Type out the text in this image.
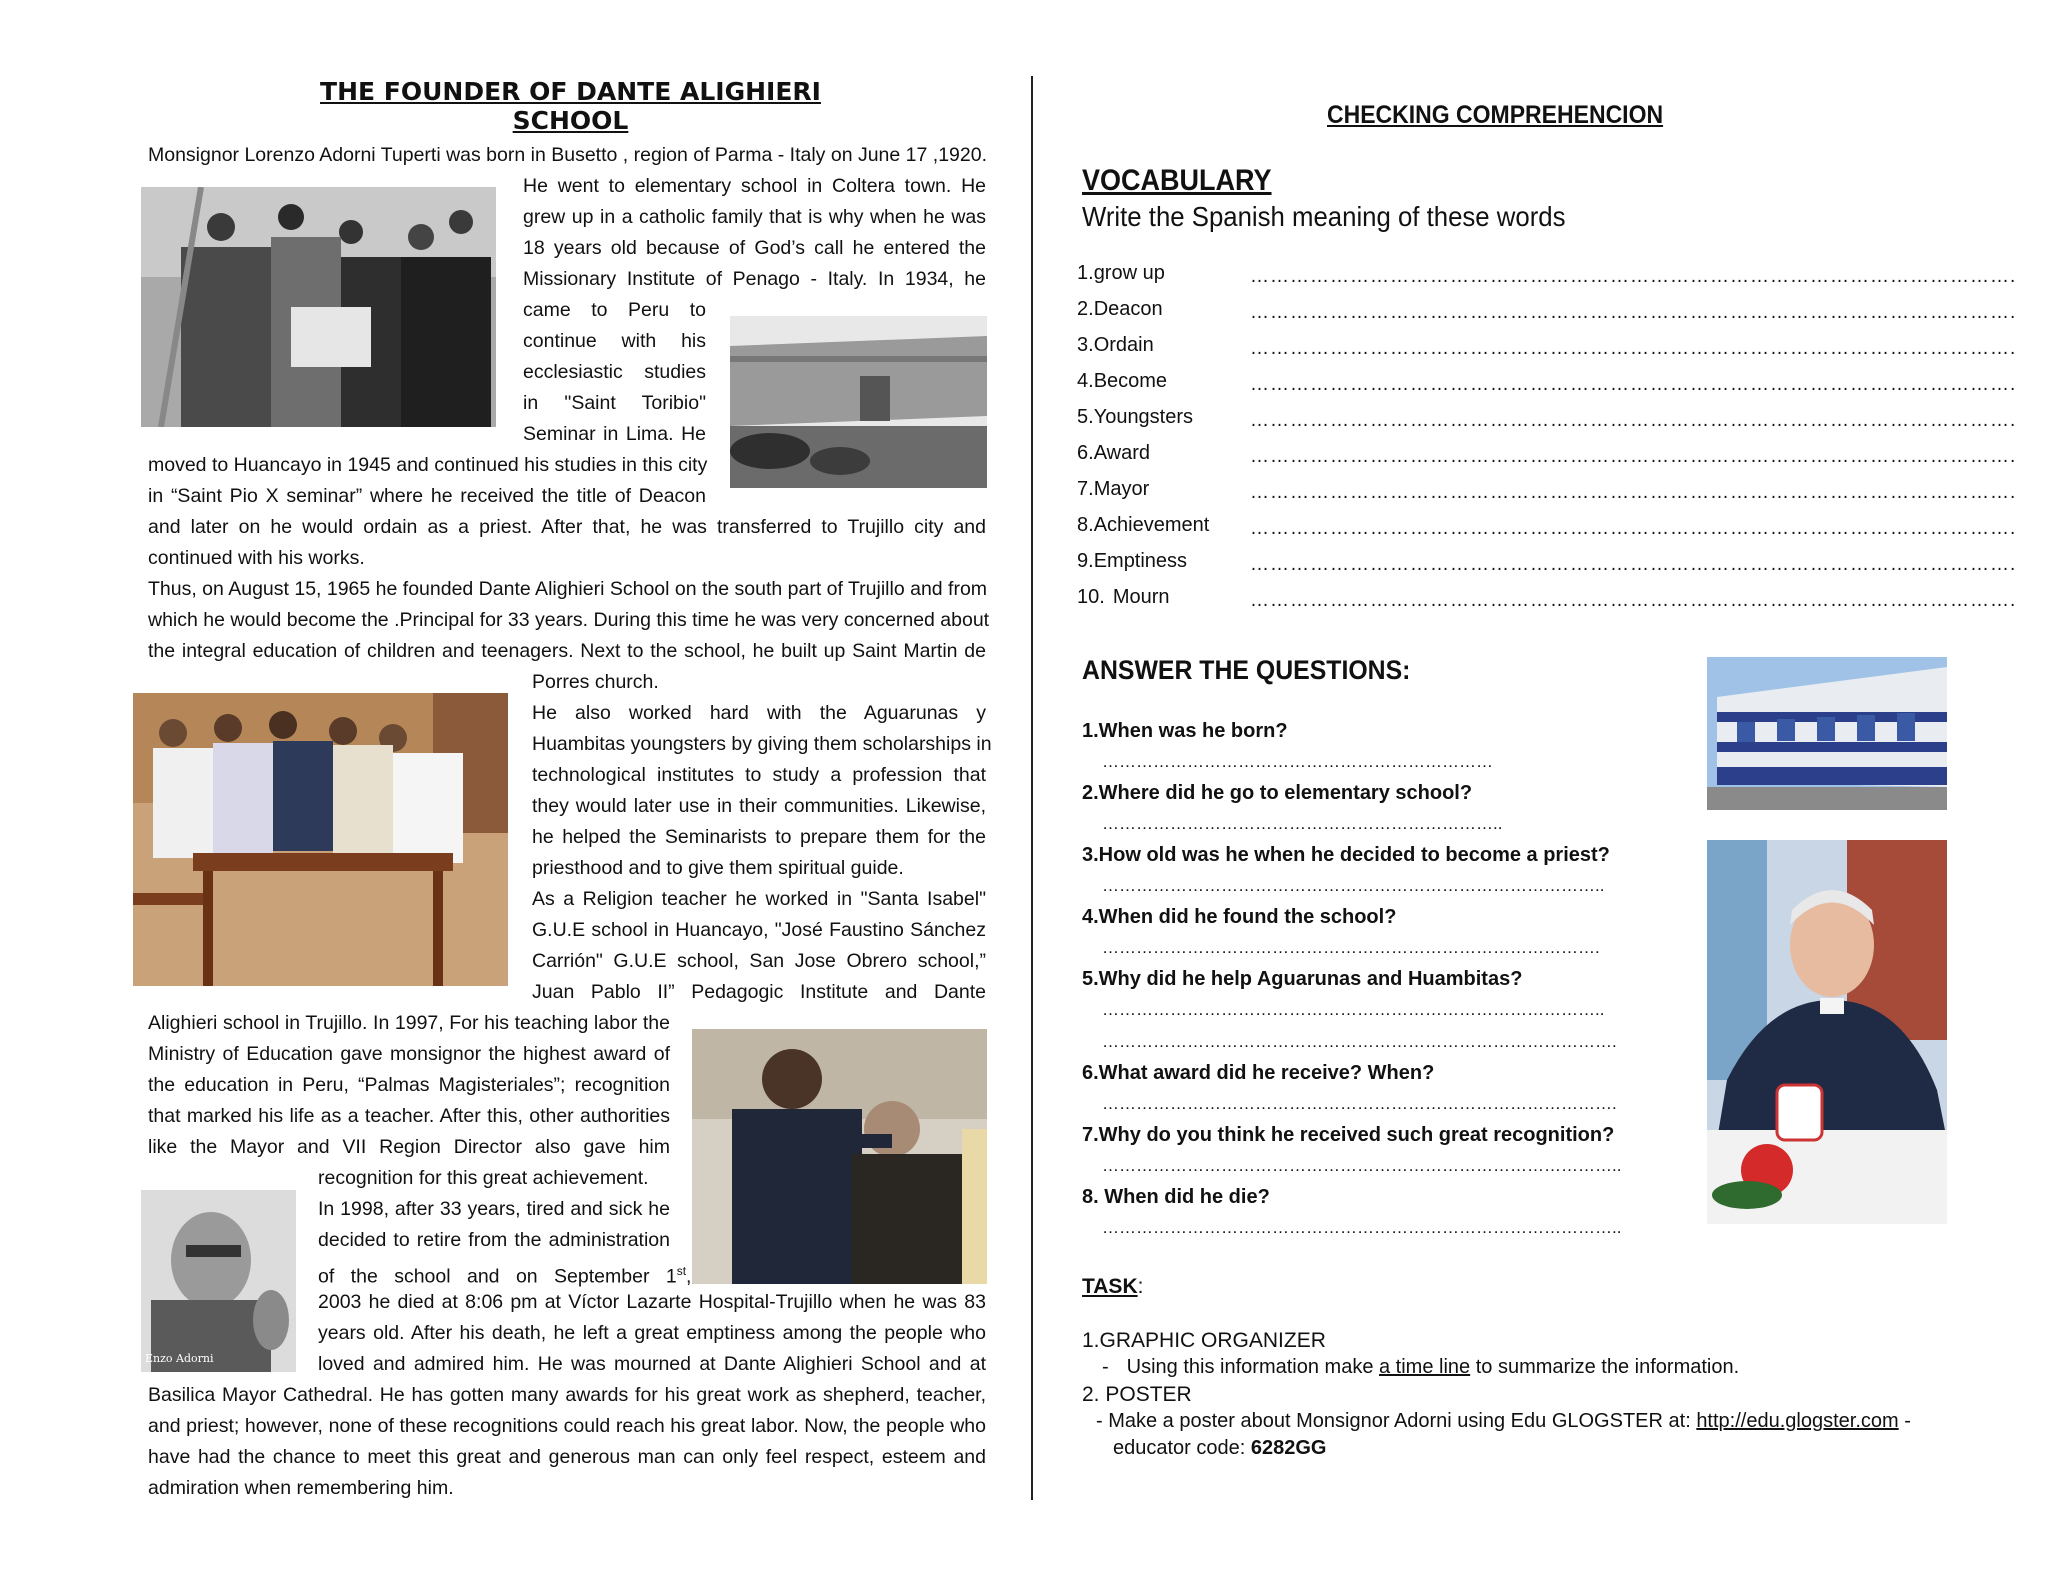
THE FOUNDER OF DANTE ALIGHIERI SCHOOL
Monsignor Lorenzo Adorni Tuperti was born in Busetto , region of Parma - Italy on June 17 ,1920.
He went to elementary school in Coltera town. He
grew up in a catholic family that is why when he was
18 years old because of God’s call he entered the
Missionary Institute of Penago - Italy. In 1934, he
came to Peru to
continue with his
ecclesiastic studies
in "Saint Toribio"
Seminar in Lima. He
moved to Huancayo in 1945 and continued his studies in this city
in “Saint Pio X seminar” where he received the title of Deacon
and later on he would ordain as a priest. After that, he was transferred to Trujillo city and
continued with his works.
Thus, on August 15, 1965 he founded Dante Alighieri School on the south part of Trujillo and from
which he would become the .Principal for 33 years. During this time he was very concerned about
the integral education of children and teenagers. Next to the school, he built up Saint Martin de
Porres church.
He also worked hard with the Aguarunas y
Huambitas youngsters by giving them scholarships in
technological institutes to study a profession that
they would later use in their communities. Likewise,
he helped the Seminarists to prepare them for the
priesthood and to give them spiritual guide.
As a Religion teacher he worked in "Santa Isabel"
G.U.E school in Huancayo, "José Faustino Sánchez
Carrión" G.U.E school, San Jose Obrero school,”
Juan Pablo II” Pedagogic Institute and Dante
Alighieri school in Trujillo. In 1997, For his teaching labor the
Ministry of Education gave monsignor the highest award of
the education in Peru, “Palmas Magisteriales”; recognition
that marked his life as a teacher. After this, other authorities
like the Mayor and VII Region Director also gave him
recognition for this great achievement.
In 1998, after 33 years, tired and sick he
decided to retire from the administration
of the school and on September 1st,
2003 he died at 8:06 pm at Víctor Lazarte Hospital-Trujillo when he was 83
years old. After his death, he left a great emptiness among the people who
loved and admired him. He was mourned at Dante Alighieri School and at
Basilica Mayor Cathedral. He has gotten many awards for his great work as shepherd, teacher,
and priest; however, none of these recognitions could reach his great labor. Now, the people who
have had the chance to meet this great and generous man can only feel respect, esteem and
admiration when remembering him.
Enzo Adorni
CHECKING COMPREHENCION
VOCABULARY
Write the Spanish meaning of these words
1.grow up
2.Deacon
3.Ordain
4.Become
5.Youngsters
6.Award
7.Mayor
8.Achievement
9.Emptiness
10. Mourn
…………………………………………………………………………………………………….
…………………………………………………………………………………………………….
…………………………………………………………………………………………………….
…………………………………………………………………………………………………….
…………………………………………………………………………………………………….
…………………………………………………………………………………………………….
…………………………………………………………………………………………………….
…………………………………………………………………………………………………….
…………………………………………………………………………………………………….
…………………………………………………………………………………………………….
ANSWER THE QUESTIONS:
1.When was he born?
……………………………………………………………
2.Where did he go to elementary school?
……………………………………………………………..
3.How old was he when he decided to become a priest?
……………………………………………………………………………..
4.When did he found the school?
…………………………………………………………………………….
5.Why did he help Aguarunas and Huambitas?
……………………………………………………………………………..
……………………………………………………………………………….
6.What award did he receive? When?
……………………………………………………………………………….
7.Why do you think he received such great recognition?
………………………………………………………………………………..
8. When did he die?
………………………………………………………………………………..
TASK:
1.GRAPHIC ORGANIZER
- Using this information make a time line to summarize the information.
2. POSTER
- Make a poster about Monsignor Adorni using Edu GLOGSTER at: http://edu.glogster.com -
educator code: 6282GG
